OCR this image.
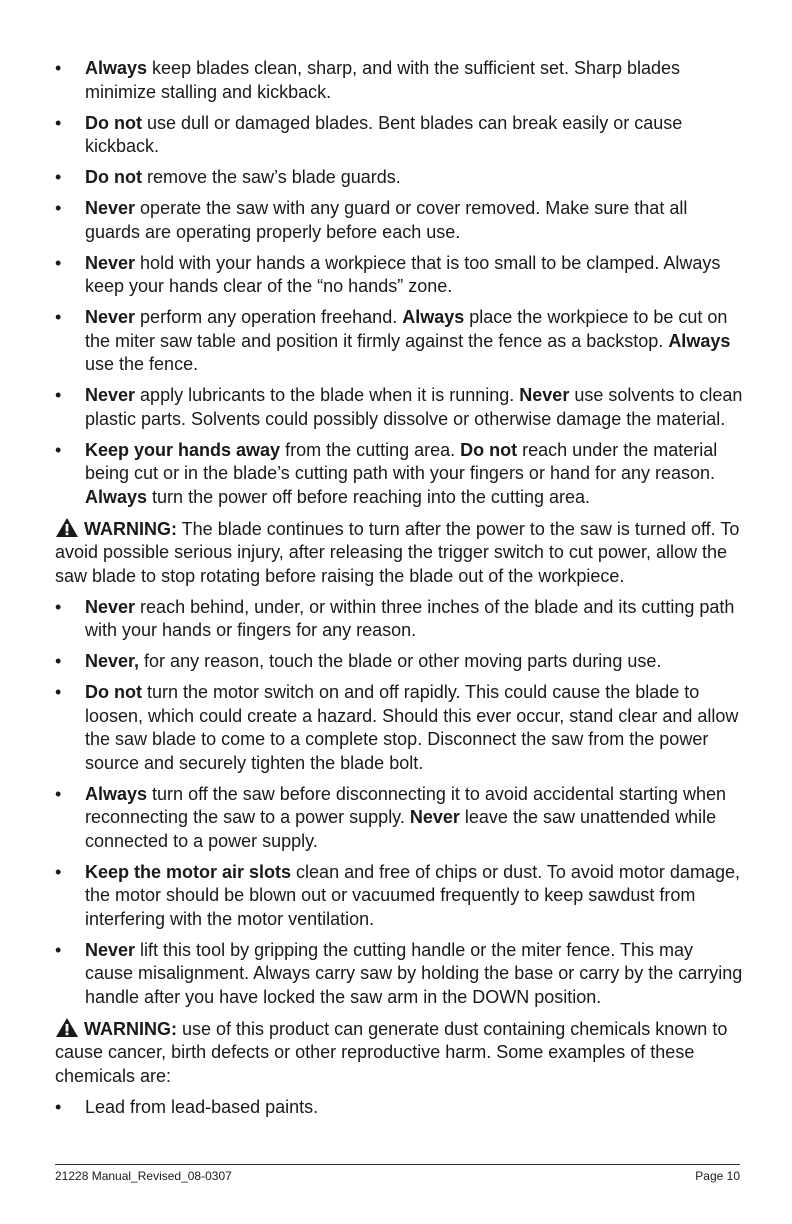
• Always keep blades clean, sharp, and with the sufficient set. Sharp blades minimize stalling and kickback.
• Do not use dull or damaged blades. Bent blades can break easily or cause kickback.
• Do not remove the saw’s blade guards.
• Never operate the saw with any guard or cover removed. Make sure that all guards are operating properly before each use.
• Never hold with your hands a workpiece that is too small to be clamped. Always keep your hands clear of the “no hands” zone.
• Never perform any operation freehand. Always place the workpiece to be cut on the miter saw table and position it firmly against the fence as a backstop. Always use the fence.
• Never apply lubricants to the blade when it is running. Never use solvents to clean plastic parts. Solvents could possibly dissolve or otherwise damage the material.
• Keep your hands away from the cutting area. Do not reach under the material being cut or in the blade’s cutting path with your fingers or hand for any reason. Always turn the power off before reaching into the cutting area.

WARNING: The blade continues to turn after the power to the saw is turned off. To avoid possible serious injury, after releasing the trigger switch to cut power, allow the saw blade to stop rotating before raising the blade out of the workpiece.

• Never reach behind, under, or within three inches of the blade and its cutting path with your hands or fingers for any reason.
• Never, for any reason, touch the blade or other moving parts during use.
• Do not turn the motor switch on and off rapidly. This could cause the blade to loosen, which could create a hazard. Should this ever occur, stand clear and allow the saw blade to come to a complete stop. Disconnect the saw from the power source and securely tighten the blade bolt.
• Always turn off the saw before disconnecting it to avoid accidental starting when reconnecting the saw to a power supply. Never leave the saw unattended while connected to a power supply.
• Keep the motor air slots clean and free of chips or dust. To avoid motor damage, the motor should be blown out or vacuumed frequently to keep sawdust from interfering with the motor ventilation.
• Never lift this tool by gripping the cutting handle or the miter fence. This may cause misalignment. Always carry saw by holding the base or carry by the carrying handle after you have locked the saw arm in the DOWN position.

WARNING: use of this product can generate dust containing chemicals known to cause cancer, birth defects or other reproductive harm. Some examples of these chemicals are:

• Lead from lead-based paints.
21228 Manual_Revised_08-0307	Page 10
